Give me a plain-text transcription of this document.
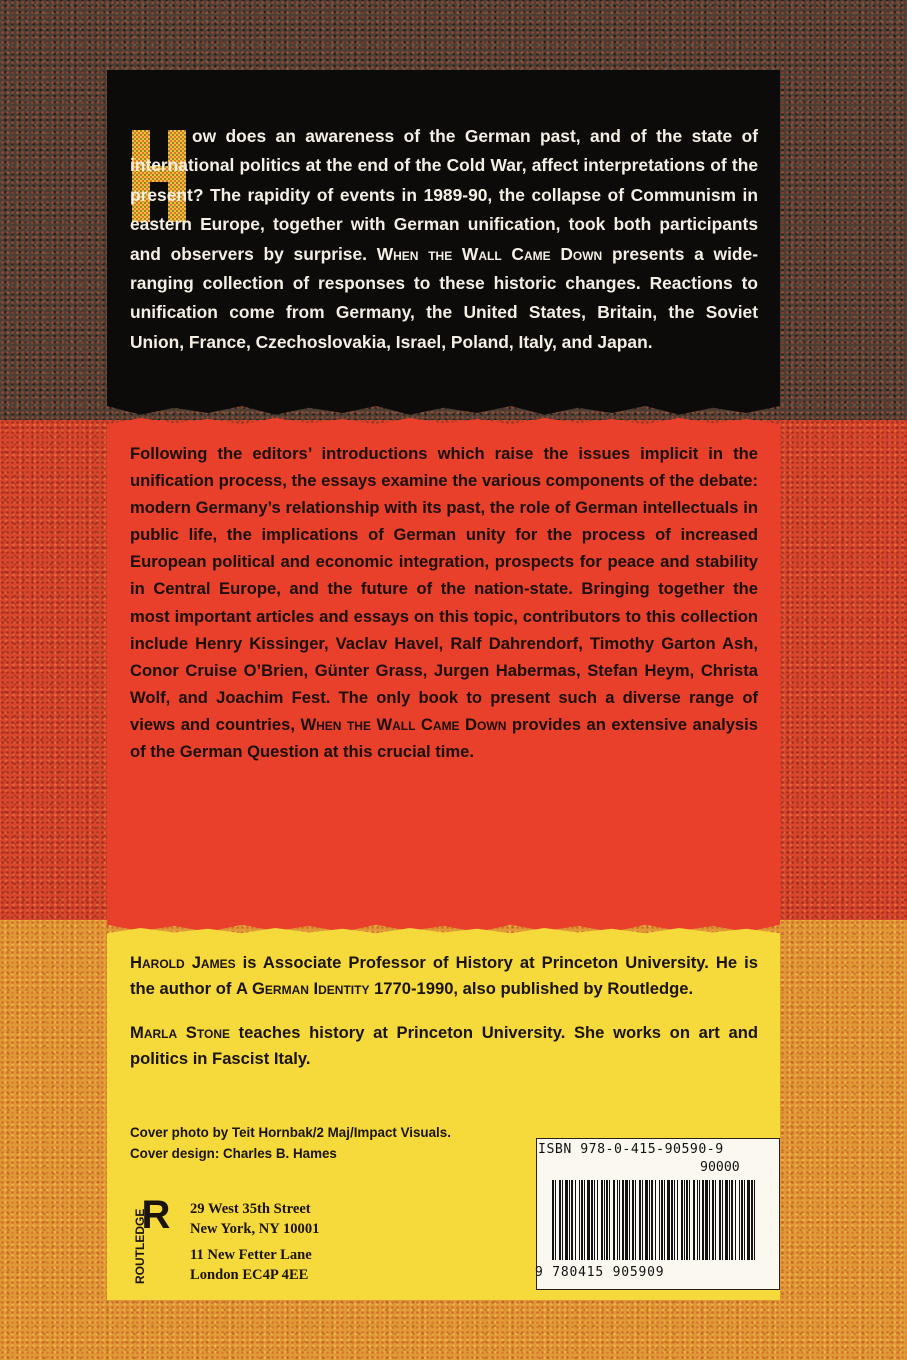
ow does an awareness of the German past, and of the state of international politics at the end of the Cold War, affect interpretations of the present? The rapidity of events in 1989-90, the collapse of Communism in eastern Europe, together with German unification, took both participants and observers by surprise. When the Wall Came Down presents a wide-ranging collection of responses to these historic changes. Reactions to unification come from Germany, the United States, Britain, the Soviet Union, France, Czechoslovakia, Israel, Poland, Italy, and Japan.
Following the editors’ introductions which raise the issues implicit in the unification process, the essays examine the various components of the debate: modern Germany’s relationship with its past, the role of German intellectuals in public life, the implications of German unity for the process of increased European political and economic integration, prospects for peace and stability in Central Europe, and the future of the nation-state. Bringing together the most important articles and essays on this topic, contributors to this collection include Henry Kissinger, Vaclav Havel, Ralf Dahrendorf, Timothy Garton Ash, Conor Cruise O’Brien, Günter Grass, Jurgen Habermas, Stefan Heym, Christa Wolf, and Joachim Fest. The only book to present such a diverse range of views and countries, When the Wall Came Down provides an extensive analysis of the German Question at this crucial time.
Harold James is Associate Professor of History at Princeton University. He is the author of A German Identity 1770-1990, also published by Routledge.
Marla Stone teaches history at Princeton University. She works on art and politics in Fascist Italy.
Cover photo by Teit Hornbak/2 Maj/Impact Visuals.
Cover design: Charles B. Hames
R
ROUTLEDGE	29 West 35th Street
New York, NY 10001
11 New Fetter Lane
London EC4P 4EE
ISBN 978-0-415-90590-9
90000
9 780415 905909
